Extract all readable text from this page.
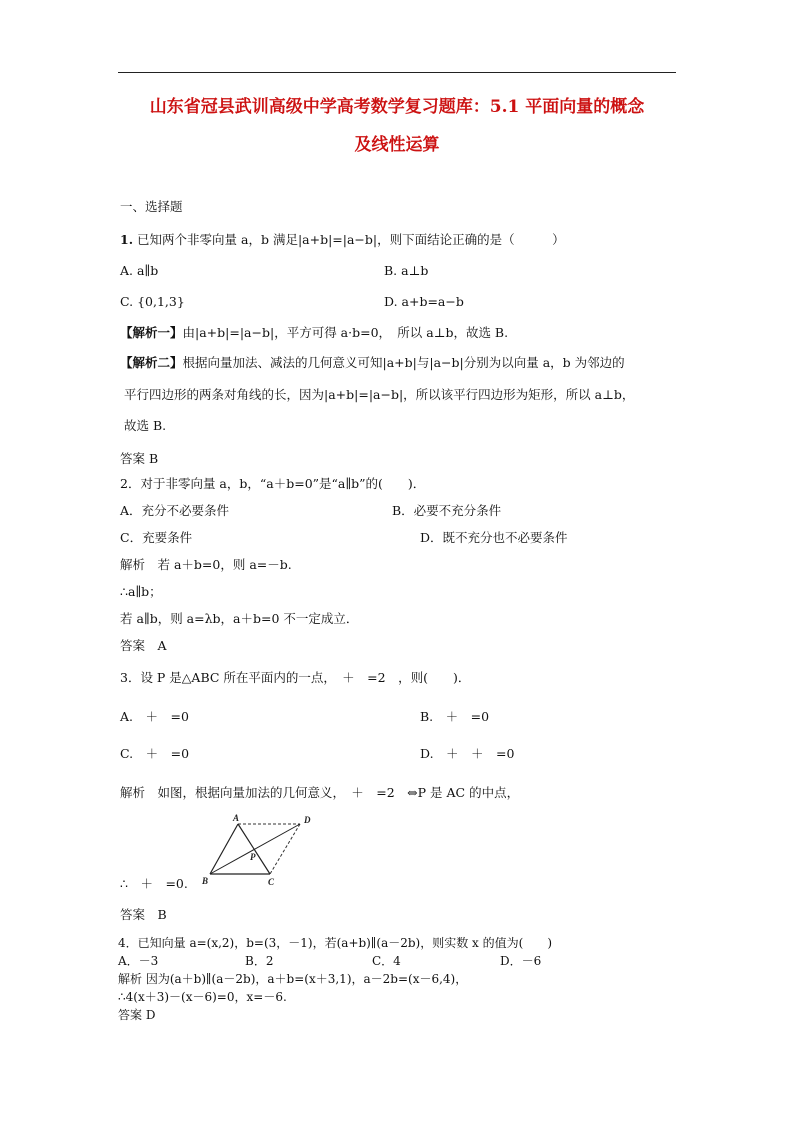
山东省冠县武训高级中学高考数学复习题库：5.1 平面向量的概念
及线性运算
一、选择题
1. 已知两个非零向量 a，b 满足|a+b|=|a−b|，则下面结论正确的是（　　　）
A. a∥b	B. a⊥b
C. {0,1,3}	D. a+b=a−b
【解析一】由|a+b|=|a−b|，平方可得 a·b=0，　所以 a⊥b，故选 B.
【解析二】根据向量加法、减法的几何意义可知|a+b|与|a−b|分别为以向量 a，b 为邻边的
平行四边形的两条对角线的长，因为|a+b|=|a−b|，所以该平行四边形为矩形，所以 a⊥b，
故选 B.
答案 B
2．对于非零向量 a，b，“a＋b=0”是“a∥b”的(　　)．
A．充分不必要条件	B．必要不充分条件
C．充要条件	D．既不充分也不必要条件
解析　若 a＋b=0，则 a=－b.
∴a∥b；
若 a∥b，则 a=λb，a＋b=0 不一定成立．
答案　A
3．设 P 是△ABC 所在平面内的一点，　＋　=2　，则(　　)．
A.　＋　=0	B.　＋　=0
C.　＋　=0	D.　＋　＋　=0
解析　如图，根据向量加法的几何意义，　＋　=2　⇔P 是 AC 的中点，
A	D
B	C
P
∴　＋　=0.
答案　B
4．已知向量 a=(x,2)，b=(3，－1)，若(a+b)∥(a－2b)，则实数 x 的值为(　　)
A．－3	B．2	C．4	D．－6
解析 因为(a＋b)∥(a－2b)，a＋b=(x＋3,1)，a－2b=(x－6,4)，
∴4(x＋3)－(x－6)=0，x=－6.
答案 D
